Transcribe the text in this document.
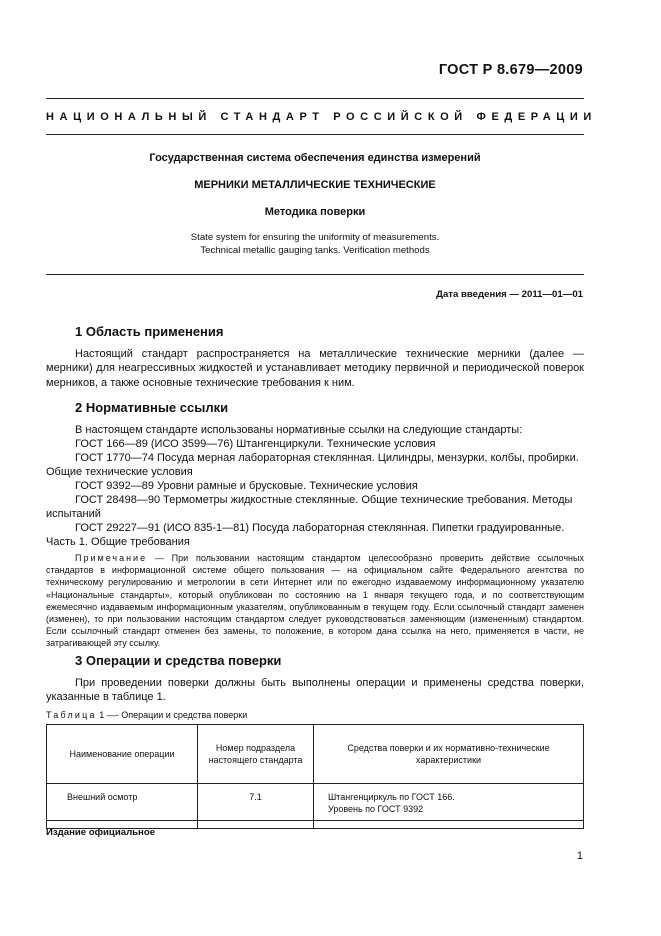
ГОСТ Р 8.679—2009
НАЦИОНАЛЬНЫЙ СТАНДАРТ РОССИЙСКОЙ ФЕДЕРАЦИИ
Государственная система обеспечения единства измерений
МЕРНИКИ МЕТАЛЛИЧЕСКИЕ ТЕХНИЧЕСКИЕ
Методика поверки
State system for ensuring the uniformity of measurements.
Technical metallic gauging tanks. Verification methods
Дата введения — 2011—01—01
1 Область применения
Настоящий стандарт распространяется на металлические технические мерники (далее — мерники) для неагрессивных жидкостей и устанавливает методику первичной и периодической поверок мерников, а также основные технические требования к ним.
2 Нормативные ссылки
В настоящем стандарте использованы нормативные ссылки на следующие стандарты:
ГОСТ 166—89 (ИСО 3599—76) Штангенциркули. Технические условия
ГОСТ 1770—74 Посуда мерная лабораторная стеклянная. Цилиндры, мензурки, колбы, пробирки.
Общие технические условия
ГОСТ 9392—89 Уровни рамные и брусковые. Технические условия
ГОСТ 28498—90 Термометры жидкостные стеклянные. Общие технические требования. Методы
испытаний
ГОСТ 29227—91 (ИСО 835-1—81) Посуда лабораторная стеклянная. Пипетки градуированные.
Часть 1. Общие требования
Примечание — При пользовании настоящим стандартом целесообразно проверить действие ссылочных стандартов в информационной системе общего пользования — на официальном сайте Федерального агентства по техническому регулированию и метрологии в сети Интернет или по ежегодно издаваемому информационному указателю «Национальные стандарты», который опубликован по состоянию на 1 января текущего года, и по соответствующим ежемесячно издаваемым информационным указателям, опубликованным в текущем году. Если ссылочный стандарт заменен (изменен), то при пользовании настоящим стандартом следует руководствоваться заменяющим (измененным) стандартом. Если ссылочный стандарт отменен без замены, то положение, в котором дана ссылка на него, применяется в части, не затрагивающей эту ссылку.
3 Операции и средства поверки
При проведении поверки должны быть выполнены операции и применены средства поверки, указанные в таблице 1.
Таблица 1 —- Операции и средства поверки
Наименование операции	Номер подраздела настоящего стандарта	Средства поверки и их нормативно-технические характеристики
Внешний осмотр	7.1	Штангенциркуль по ГОСТ 166.
Уровень по ГОСТ 9392
Издание официальное
1
